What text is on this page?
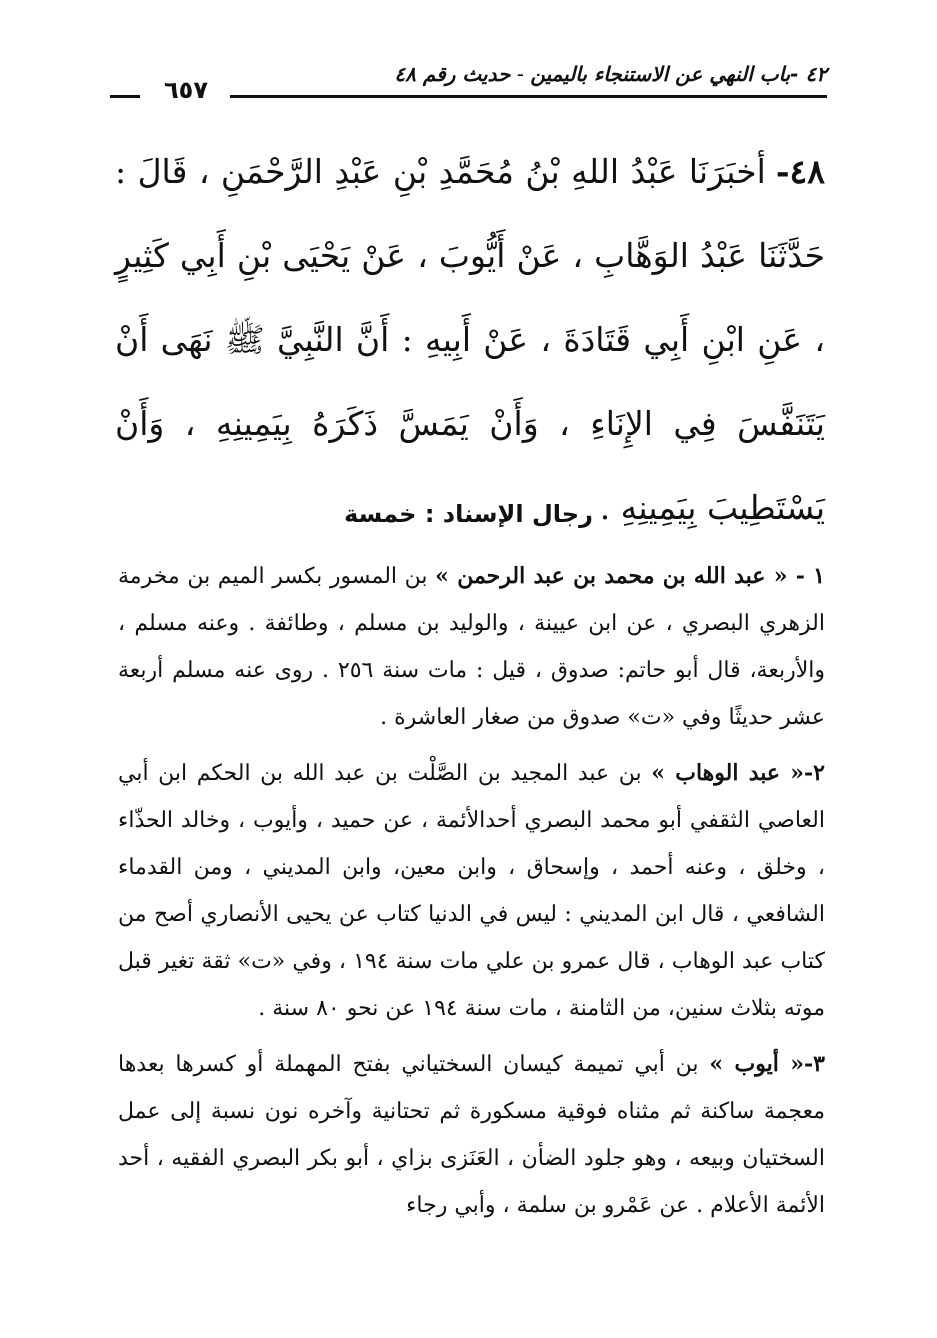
٤٢ -باب النهي عن الاستنجاء باليمين - حديث رقم ٤٨
٦٥٧
٤٨-أخبَرَنَا عَبْدُ اللهِ بْنُ مُحَمَّدِ بْنِ عَبْدِ الرَّحْمَنِ ، قَالَ : حَدَّثَنَا عَبْدُ الوَهَّابِ ، عَنْ أَيُّوبَ ، عَنْ يَحْيَى بْنِ أَبِي كَثِيرٍ ، عَنِ ابْنِ أَبِي قَتَادَةَ ، عَنْ أَبِيهِ : أَنَّ النَّبِيَّ ﷺ نَهَى أَنْ يَتَنَفَّسَ فِي الإِنَاءِ ، وَأَنْ يَمَسَّ ذَكَرَهُ بِيَمِينِهِ ، وَأَنْ يَسْتَطِيبَ بِيَمِينِهِ .
رجال الإسناد : خمسة

١ - « عبد الله بن محمد بن عبد الرحمن » بن المسور بكسر الميم بن مخرمة الزهري البصري ، عن ابن عيينة ، والوليد بن مسلم ، وطائفة . وعنه مسلم ، والأربعة، قال أبو حاتم: صدوق ، قيل : مات سنة ٢٥٦ . روى عنه مسلم أربعة عشر حديثًا وفي «ت» صدوق من صغار العاشرة .

٢-« عبد الوهاب » بن عبد المجيد بن الصَّلْت بن عبد الله بن الحكم ابن أبي العاصي الثقفي أبو محمد البصري أحدالأئمة ، عن حميد ، وأيوب ، وخالد الحذّاء ، وخلق ، وعنه أحمد ، وإسحاق ، وابن معين، وابن المديني ، ومن القدماء الشافعي ، قال ابن المديني : ليس في الدنيا كتاب عن يحيى الأنصاري أصح من كتاب عبد الوهاب ، قال عمرو بن علي مات سنة ١٩٤ ، وفي «ت» ثقة تغير قبل موته بثلاث سنين، من الثامنة ، مات سنة ١٩٤ عن نحو ٨٠ سنة .

٣-« أيوب » بن أبي تميمة كيسان السختياني بفتح المهملة أو كسرها بعدها معجمة ساكنة ثم مثناه فوقية مسكورة ثم تحتانية وآخره نون نسبة إلى عمل السختيان وبيعه ، وهو جلود الضأن ، العَنَزى بزاي ، أبو بكر البصري الفقيه ، أحد الأئمة الأعلام . عن عَمْرو بن سلمة ، وأبي رجاء
